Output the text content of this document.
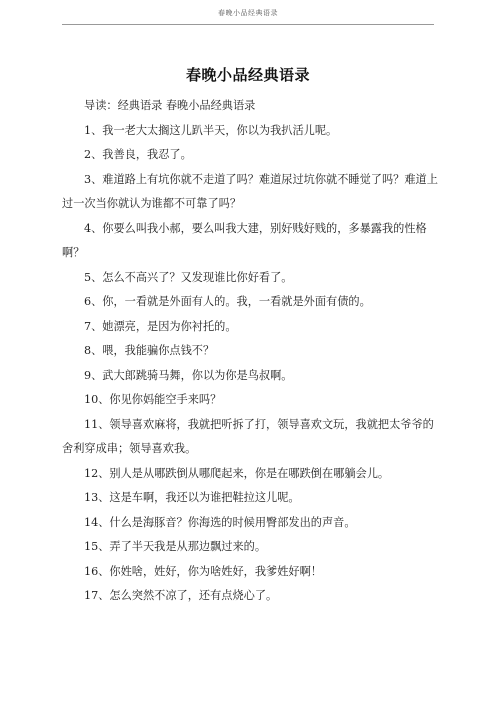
春晚小品经典语录
春晚小品经典语录

导读：经典语录 春晚小品经典语录

1、我一老大太搁这儿趴半天，你以为我扒活儿呢。

2、我善良，我忍了。

3、难道路上有坑你就不走道了吗？难道尿过坑你就不睡觉了吗？难道上过一次当你就认为谁都不可靠了吗？

4、你要么叫我小郝，要么叫我大建，别好贱好贱的，多暴露我的性格啊？

5、怎么不高兴了？又发现谁比你好看了。

6、你，一看就是外面有人的。我，一看就是外面有债的。

7、她漂亮，是因为你衬托的。

8、喂，我能骗你点钱不？

9、武大郎跳骑马舞，你以为你是鸟叔啊。

10、你见你妈能空手来吗？

11、领导喜欢麻将，我就把听拆了打，领导喜欢文玩，我就把太爷爷的舍利穿成串；领导喜欢我。

12、别人是从哪跌倒从哪爬起来，你是在哪跌倒在哪躺会儿。

13、这是车啊，我还以为谁把鞋拉这儿呢。

14、什么是海豚音？你海选的时候用臀部发出的声音。

15、弄了半天我是从那边飘过来的。

16、你姓啥，姓好，你为啥姓好，我爹姓好啊！

17、怎么突然不凉了，还有点烧心了。
